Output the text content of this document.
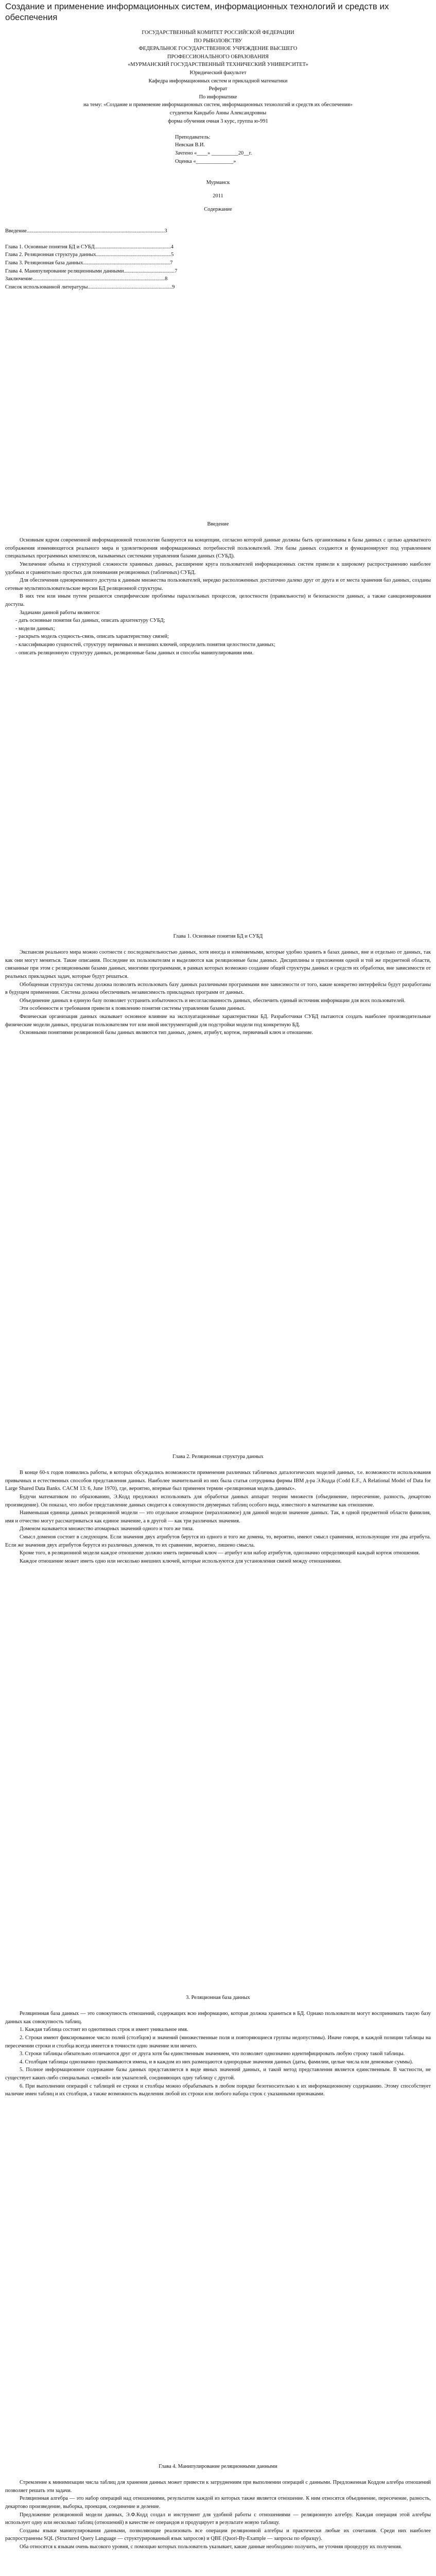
Создание и применение информационных систем, информационных технологий и средств их обеспечения

ГОСУДАРСТВЕННЫЙ КОМИТЕТ РОССИЙСКОЙ ФЕДЕРАЦИИ

ПО РЫБОЛОВСТВУ

ФЕДЕРАЛЬНОЕ ГОСУДАРСТВЕННОЕ УЧРЕЖДЕНИЕ ВЫСШЕГО

ПРОФЕССИОНАЛЬНОГО ОБРАЗОВАНИЯ

«МУРМАНСКИЙ ГОСУДАРСТВЕННЫЙ ТЕХНИЧЕСКИЙ УНИВЕРСИТЕТ»

Юридический факультет

Кафедра информационных систем и прикладной математики

Реферат

По информатике

на тему: «Создание и применение информационных систем, информационных технологий и средств их обеспечения»

студентки Кандыбо Анны Александровны

форма обучения очная 3 курс, группа ю-991

Преподаватель:

Невская В.И.

Зачтено «____» __________20__г.

Оценка «______________»

Мурманск

2011

Содержание

Введение.......................................................................................................3

Глава 1. Основные понятия БД и СУБД.........................................................4

Глава 2. Реляционная структура данных........................................................5

Глава 3. Реляционная база данных.................................................................7

Глава 4. Манипулирование реляционными данными......................................7

Заключение...................................................................................................8

Список использованной литературы...............................................................9

Введение

Основным ядром современной информационной технологии базируется на концепции, согласно которой данные должны быть организованы в базы данных с целью адекватного отображения изменяющегося реального мира и удовлетворения информационных потребностей пользователей. Эти базы данных создаются и функционируют под управлением специальных программных комплексов, называемых системами управления базами данных (СУБД).

Увеличение объема и структурной сложности хранимых данных, расширение круга пользователей информационных систем привели к широкому распространению наиболее удобных и сравнительно простых для понимания реляционных (табличных) СУБД.

Для обеспечения одновременного доступа к данным множества пользователей, нередко расположенных достаточно далеко друг от друга и от места хранения баз данных, созданы сетевые мультипользовательские версии БД реляционной структуры.

В них тем или иным путем решаются специфические проблемы параллельных процессов, целостности (правильности) и безопасности данных, а также санкционирования доступа.

Задачами данной работы являются:

- дать основные понятия баз данных, описать архитектуру СУБД;

- модели данных;

- раскрыть модель сущность-связь, описать характеристику связей;

- классификацию сущностей, структуру первичных и внешних ключей, определить понятия целостности данных;

- описать реляционную структуру данных, реляционные базы данных и способы манипулирования ими.

Глава 1. Основные понятия БД и СУБД

Экспансия реального мира можно соотнести с последовательностью данных, хотя иногда и изменяемыми, которые удобно хранить в базах данных, вне и отдельно от данных, так как они могут меняться. Такие описания. Последние их пользователям и выделяются как реляционные базы данных. Дисциплины и приложения одной и той же предметной области, связанные при этом с реляционными базами данных, многими программами, в рамках которых возможно создание общей структуры данных и средств их обработки, вне зависимости от реальных прикладных задач, которые будут решаться.

Обобщенная структура системы должна позволять использовать базу данных различными программами вне зависимости от того, какие конкретно интерфейсы будут разработаны в будущем применении. Система должна обеспечивать независимость прикладных программ от данных.

Объединение данных в единую базу позволяет устранить избыточность и несогласованность данных, обеспечить единый источник информации для всех пользователей.

Эти особенности и требования привели к появлению понятия системы управления базами данных.

Физическая организация данных оказывает основное влияние на эксплуатационные характеристики БД. Разработчики СУБД пытаются создать наиболее производительные физические модели данных, предлагая пользователям тот или иной инструментарий для подстройки модели под конкретную БД.

Основными понятиями реляционной базы данных являются тип данных, домен, атрибут, кортеж, первичный ключ и отношение.

Глава 2. Реляционная структура данных

В конце 60-х годов появились работы, в которых обсуждались возможности применения различных табличных даталогических моделей данных, т.е. возможности использования привычных и естественных способов представления данных. Наиболее значительной из них была статья сотрудника фирмы IBM д-ра Э.Кодда (Codd E.F., A Relational Model of Data for Large Shared Data Banks. CACM 13: 6, June 1970), где, вероятно, впервые был применен термин «реляционная модель данных».

Будучи математиком по образованию, Э.Кодд предложил использовать для обработки данных аппарат теории множеств (объединение, пересечение, разность, декартово произведение). Он показал, что любое представление данных сводится к совокупности двумерных таблиц особого вида, известного в математике как отношение.

Наименьшая единица данных реляционной модели — это отдельное атомарное (неразложимое) для данной модели значение данных. Так, в одной предметной области фамилия, имя и отчество могут рассматриваться как единое значение, а в другой — как три различных значения.

Доменом называется множество атомарных значений одного и того же типа.

Смысл доменов состоит в следующем. Если значения двух атрибутов берутся из одного и того же домена, то, вероятно, имеют смысл сравнения, использующие эти два атрибута. Если же значения двух атрибутов берутся из различных доменов, то их сравнение, вероятно, лишено смысла.

Кроме того, в реляционной модели каждое отношение должно иметь первичный ключ — атрибут или набор атрибутов, однозначно определяющий каждый кортеж отношения.

Каждое отношение может иметь одно или несколько внешних ключей, которые используются для установления связей между отношениями.

3. Реляционная база данных

Реляционная база данных — это совокупность отношений, содержащих всю информацию, которая должна храниться в БД. Однако пользователи могут воспринимать такую базу данных как совокупность таблиц.

1. Каждая таблица состоит из однотипных строк и имеет уникальное имя.

2. Строки имеют фиксированное число полей (столбцов) и значений (множественные поля и повторяющиеся группы недопустимы). Иначе говоря, в каждой позиции таблицы на пересечении строки и столбца всегда имеется в точности одно значение или ничего.

3. Строки таблицы обязательно отличаются друг от друга хотя бы единственным значением, что позволяет однозначно идентифицировать любую строку такой таблицы.

4. Столбцам таблицы однозначно присваиваются имена, и в каждом из них размещаются однородные значения данных (даты, фамилии, целые числа или денежные суммы).

5. Полное информационное содержание базы данных представляется в виде явных значений данных, и такой метод представления является единственным. В частности, не существует каких-либо специальных «связей» или указателей, соединяющих одну таблицу с другой.

6. При выполнении операций с таблицей ее строки и столбцы можно обрабатывать в любом порядке безотносительно к их информационному содержанию. Этому способствует наличие имен таблиц и их столбцов, а также возможность выделения любой их строки или любого набора строк с указанными признаками.

Глава 4. Манипулирование реляционными данными

Стремление к минимизации числа таблиц для хранения данных может привести к затруднениям при выполнении операций с данными. Предложенная Коддом алгебра отношений позволяет решать эти задачи.

Реляционная алгебра — это набор операций над отношениями, результатом каждой из которых также является отношение. К ним относятся объединение, пересечение, разность, декартово произведение, выборка, проекция, соединение и деление.

Предложение реляционной модели данных, Э.Ф.Кодд создал и инструмент для удобной работы с отношениями — реляционную алгебру. Каждая операция этой алгебры использует одну или несколько таблиц (отношений) в качестве ее операндов и продуцирует в результате новую таблицу.

Созданы языки манипулирования данными, позволяющие реализовать все операции реляционной алгебры и практически любые их сочетания. Среди них наиболее распространены SQL (Structured Query Language — структурированный язык запросов) и QBE (Quori-By-Example — запросы по образцу).

Оба относятся к языкам очень высокого уровня, с помощью которых пользователь указывает, какие данные необходимо получить, не уточняя процедуру их получения.
